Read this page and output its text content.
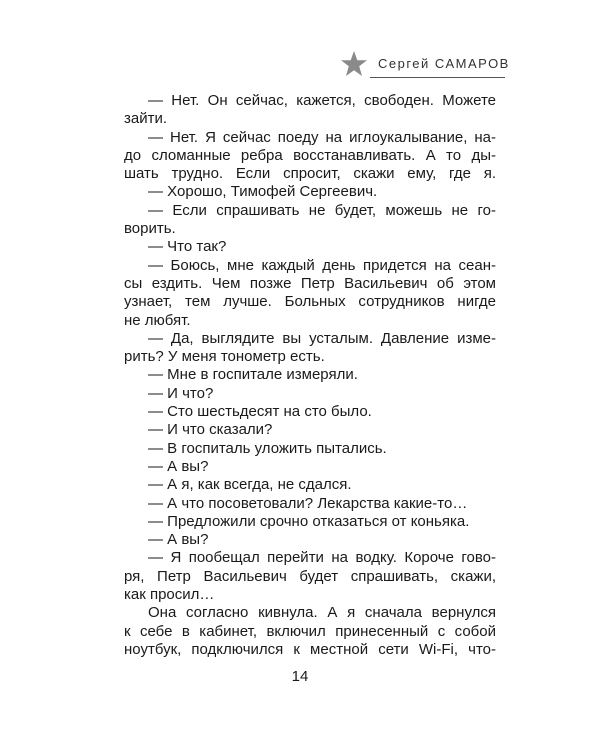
Сергей САМАРОВ
— Нет. Он сейчас, кажется, свободен. Можете
зайти.
— Нет. Я сейчас поеду на иглоукалывание, на-
до сломанные ребра восстанавливать. А то ды-
шать трудно. Если спросит, скажи ему, где я.
— Хорошо, Тимофей Сергеевич.
— Если спрашивать не будет, можешь не го-
ворить.
— Что так?
— Боюсь, мне каждый день придется на сеан-
сы ездить. Чем позже Петр Васильевич об этом
узнает, тем лучше. Больных сотрудников нигде
не любят.
— Да, выглядите вы усталым. Давление изме-
рить? У меня тонометр есть.
— Мне в госпитале измеряли.
— И что?
— Сто шестьдесят на сто было.
— И что сказали?
— В госпиталь уложить пытались.
— А вы?
— А я, как всегда, не сдался.
— А что посоветовали? Лекарства какие-то…
— Предложили срочно отказаться от коньяка.
— А вы?
— Я пообещал перейти на водку. Короче гово-
ря, Петр Васильевич будет спрашивать, скажи,
как просил…
Она согласно кивнула. А я сначала вернулся
к себе в кабинет, включил принесенный с собой
ноутбук, подключился к местной сети Wi-Fi, что-
14
